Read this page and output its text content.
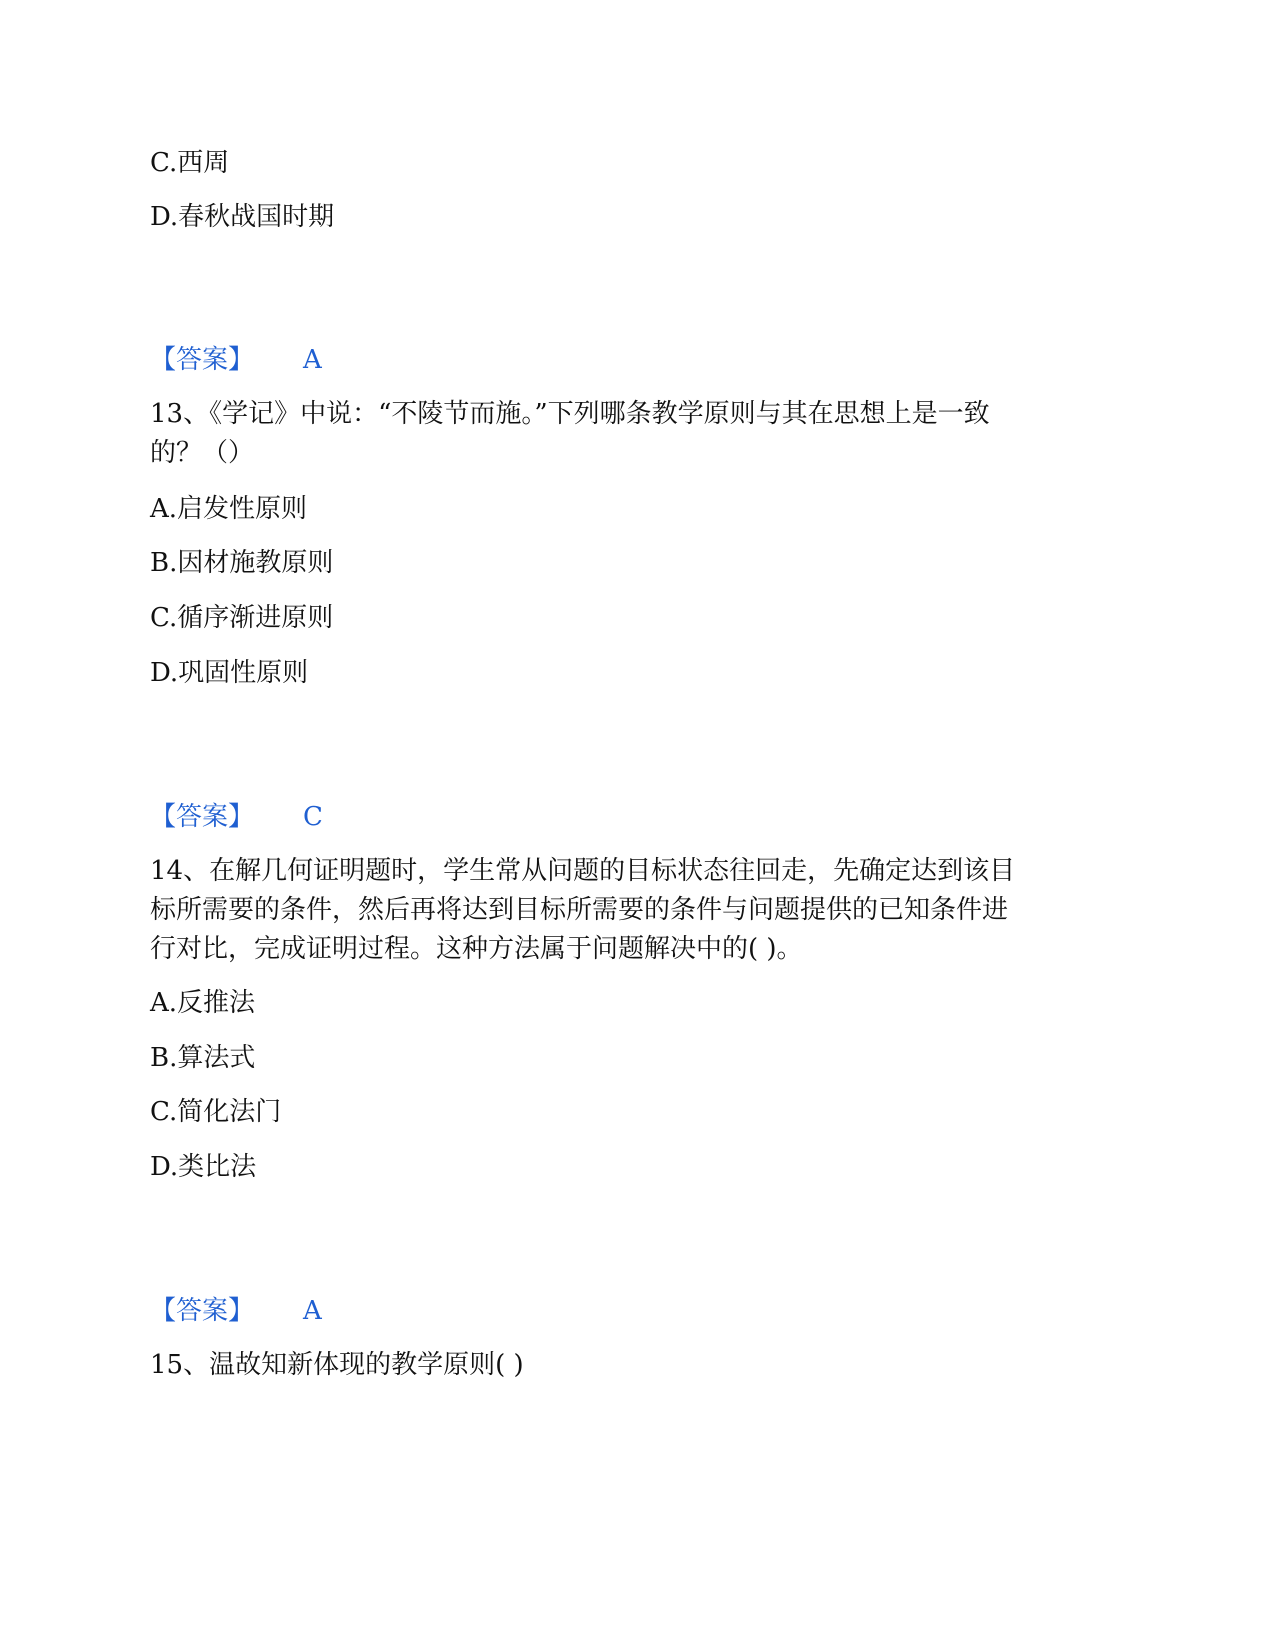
C.西周
D.春秋战国时期
【答案】 A
13、《学记》中说：“不陵节而施。”下列哪条教学原则与其在思想上是一致
的？（）
A.启发性原则
B.因材施教原则
C.循序渐进原则
D.巩固性原则
【答案】 C
14、在解几何证明题时，学生常从问题的目标状态往回走，先确定达到该目
标所需要的条件，然后再将达到目标所需要的条件与问题提供的已知条件进
行对比，完成证明过程。这种方法属于问题解决中的( )。
A.反推法
B.算法式
C.简化法门
D.类比法
【答案】 A
15、温故知新体现的教学原则( )
